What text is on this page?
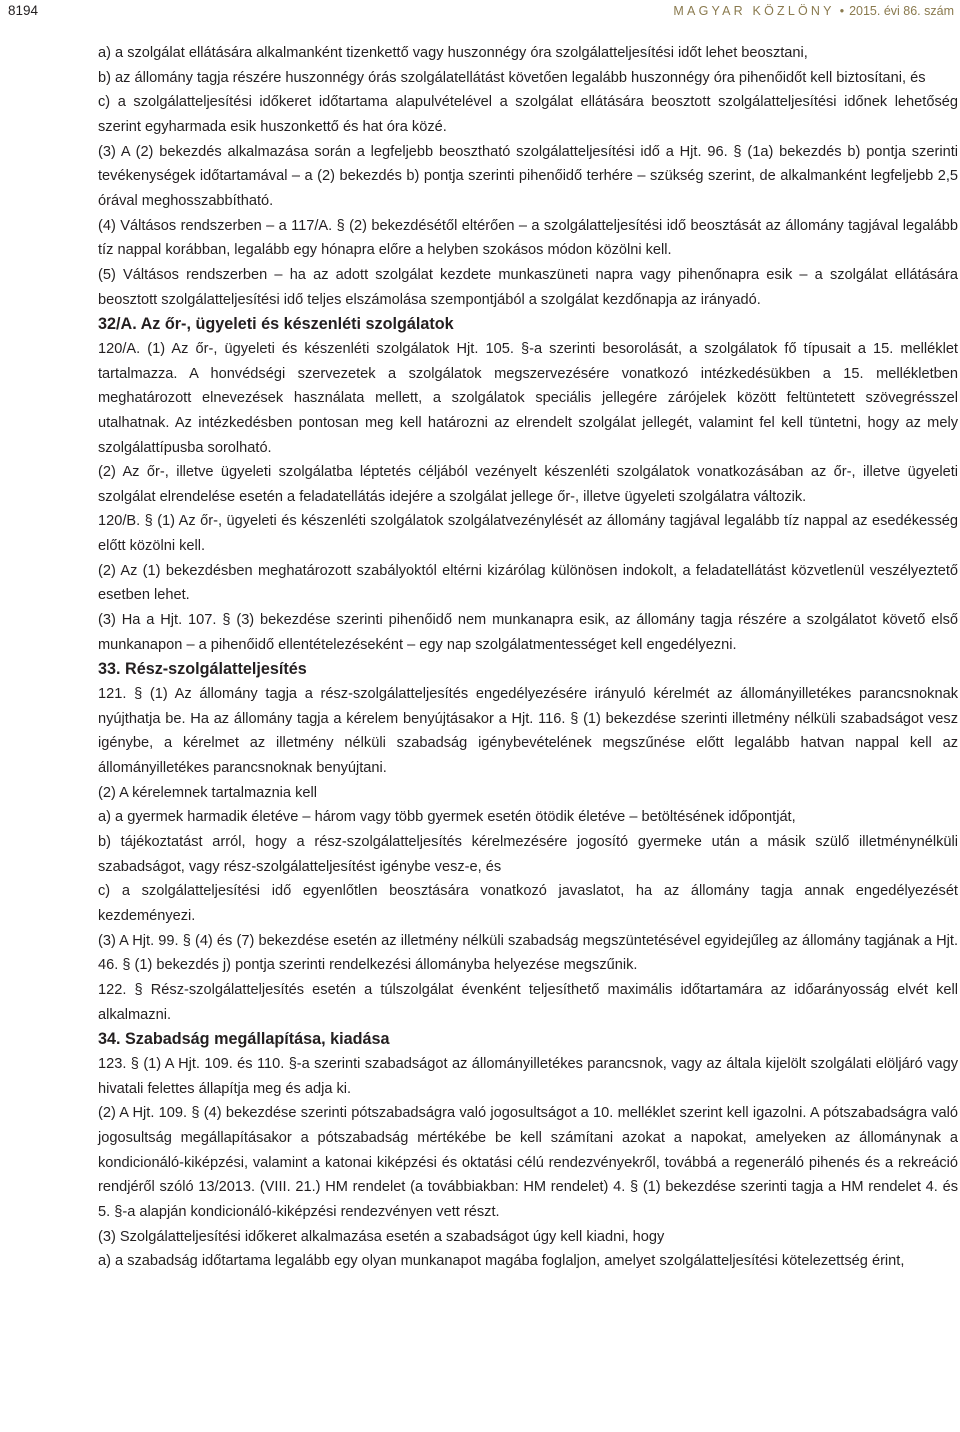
8194	MAGYAR KÖZLÖNY • 2015. évi 86. szám
a) a szolgálat ellátására alkalmanként tizenkettő vagy huszonnégy óra szolgálatteljesítési időt lehet beosztani,
b) az állomány tagja részére huszonnégy órás szolgálatellátást követően legalább huszonnégy óra pihenőidőt kell biztosítani, és
c) a szolgálatteljesítési időkeret időtartama alapulvételével a szolgálat ellátására beosztott szolgálatteljesítési időnek lehetőség szerint egyharmada esik huszonkettő és hat óra közé.
(3) A (2) bekezdés alkalmazása során a legfeljebb beosztható szolgálatteljesítési idő a Hjt. 96. § (1a) bekezdés b) pontja szerinti tevékenységek időtartamával – a (2) bekezdés b) pontja szerinti pihenőidő terhére – szükség szerint, de alkalmanként legfeljebb 2,5 órával meghosszabbítható.
(4) Váltásos rendszerben – a 117/A. § (2) bekezdésétől eltérően – a szolgálatteljesítési idő beosztását az állomány tagjával legalább tíz nappal korábban, legalább egy hónapra előre a helyben szokásos módon közölni kell.
(5) Váltásos rendszerben – ha az adott szolgálat kezdete munkaszüneti napra vagy pihenőnapra esik – a szolgálat ellátására beosztott szolgálatteljesítési idő teljes elszámolása szempontjából a szolgálat kezdőnapja az irányadó.
32/A. Az őr-, ügyeleti és készenléti szolgálatok
120/A. (1) Az őr-, ügyeleti és készenléti szolgálatok Hjt. 105. §-a szerinti besorolását, a szolgálatok fő típusait a 15. melléklet tartalmazza. A honvédségi szervezetek a szolgálatok megszervezésére vonatkozó intézkedésükben a 15. mellékletben meghatározott elnevezések használata mellett, a szolgálatok speciális jellegére zárójelek között feltüntetett szövegrésszel utalhatnak. Az intézkedésben pontosan meg kell határozni az elrendelt szolgálat jellegét, valamint fel kell tüntetni, hogy az mely szolgálattípusba sorolható.
(2) Az őr-, illetve ügyeleti szolgálatba léptetés céljából vezényelt készenléti szolgálatok vonatkozásában az őr-, illetve ügyeleti szolgálat elrendelése esetén a feladatellátás idejére a szolgálat jellege őr-, illetve ügyeleti szolgálatra változik.
120/B. § (1) Az őr-, ügyeleti és készenléti szolgálatok szolgálatvezénylését az állomány tagjával legalább tíz nappal az esedékesség előtt közölni kell.
(2) Az (1) bekezdésben meghatározott szabályoktól eltérni kizárólag különösen indokolt, a feladatellátást közvetlenül veszélyeztető esetben lehet.
(3) Ha a Hjt. 107. § (3) bekezdése szerinti pihenőidő nem munkanapra esik, az állomány tagja részére a szolgálatot követő első munkanapon – a pihenőidő ellentételezéseként – egy nap szolgálatmentességet kell engedélyezni.
33. Rész-szolgálatteljesítés
121. § (1) Az állomány tagja a rész-szolgálatteljesítés engedélyezésére irányuló kérelmét az állományilletékes parancsnoknak nyújthatja be. Ha az állomány tagja a kérelem benyújtásakor a Hjt. 116. § (1) bekezdése szerinti illetmény nélküli szabadságot vesz igénybe, a kérelmet az illetmény nélküli szabadság igénybevételének megszűnése előtt legalább hatvan nappal kell az állományilletékes parancsnoknak benyújtani.
(2) A kérelemnek tartalmaznia kell
a) a gyermek harmadik életéve – három vagy több gyermek esetén ötödik életéve – betöltésének időpontját,
b) tájékoztatást arról, hogy a rész-szolgálatteljesítés kérelmezésére jogosító gyermeke után a másik szülő illetménynélküli szabadságot, vagy rész-szolgálatteljesítést igénybe vesz-e, és
c) a szolgálatteljesítési idő egyenlőtlen beosztására vonatkozó javaslatot, ha az állomány tagja annak engedélyezését kezdeményezi.
(3) A Hjt. 99. § (4) és (7) bekezdése esetén az illetmény nélküli szabadság megszüntetésével egyidejűleg az állomány tagjának a Hjt. 46. § (1) bekezdés j) pontja szerinti rendelkezési állományba helyezése megszűnik.
122. § Rész-szolgálatteljesítés esetén a túlszolgálat évenként teljesíthető maximális időtartamára az időarányosság elvét kell alkalmazni.
34. Szabadság megállapítása, kiadása
123. § (1) A Hjt. 109. és 110. §-a szerinti szabadságot az állományilletékes parancsnok, vagy az általa kijelölt szolgálati elöljáró vagy hivatali felettes állapítja meg és adja ki.
(2) A Hjt. 109. § (4) bekezdése szerinti pótszabadságra való jogosultságot a 10. melléklet szerint kell igazolni. A pótszabadságra való jogosultság megállapításakor a pótszabadság mértékébe be kell számítani azokat a napokat, amelyeken az állománynak a kondicionáló-kiképzési, valamint a katonai kiképzési és oktatási célú rendezvényekről, továbbá a regeneráló pihenés és a rekreáció rendjéről szóló 13/2013. (VIII. 21.) HM rendelet (a továbbiakban: HM rendelet) 4. § (1) bekezdése szerinti tagja a HM rendelet 4. és 5. §-a alapján kondicionáló-kiképzési rendezvényen vett részt.
(3) Szolgálatteljesítési időkeret alkalmazása esetén a szabadságot úgy kell kiadni, hogy
a) a szabadság időtartama legalább egy olyan munkanapot magába foglaljon, amelyet szolgálatteljesítési kötelezettség érint,
